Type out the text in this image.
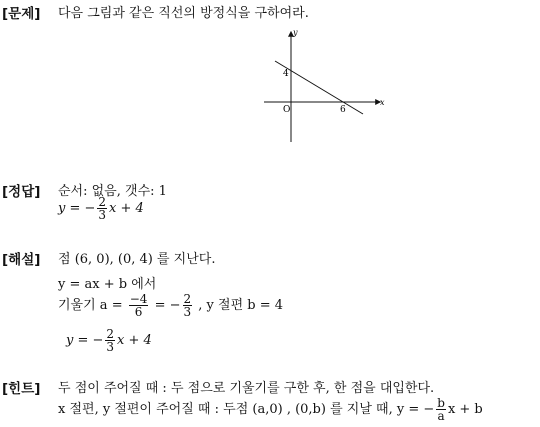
[문제] 다음 그림과 같은 직선의 방정식을 구하여라.
y
x
4
6
O
[정답] 순서: 없음, 갯수: 1
y = − $\frac{2}{3}$ x + 4
[해설] 점 (6, 0), (0, 4) 를 지난다.
y = ax + b 에서
기울기 $a = \frac{-4}{6}$ = − $\frac{2}{3}$ , y 절편 b = 4
y = − $\frac{2}{3}$ x + 4
[힌트] 두 점이 주어질 때 : 두 점으로 기울기를 구한 후, 한 점을 대입한다.
x 절편, y 절편이 주어질 때 : 두점 (a,0) , (0,b) 를 지날 때, y = − $\frac{b}{a}$ x + b
